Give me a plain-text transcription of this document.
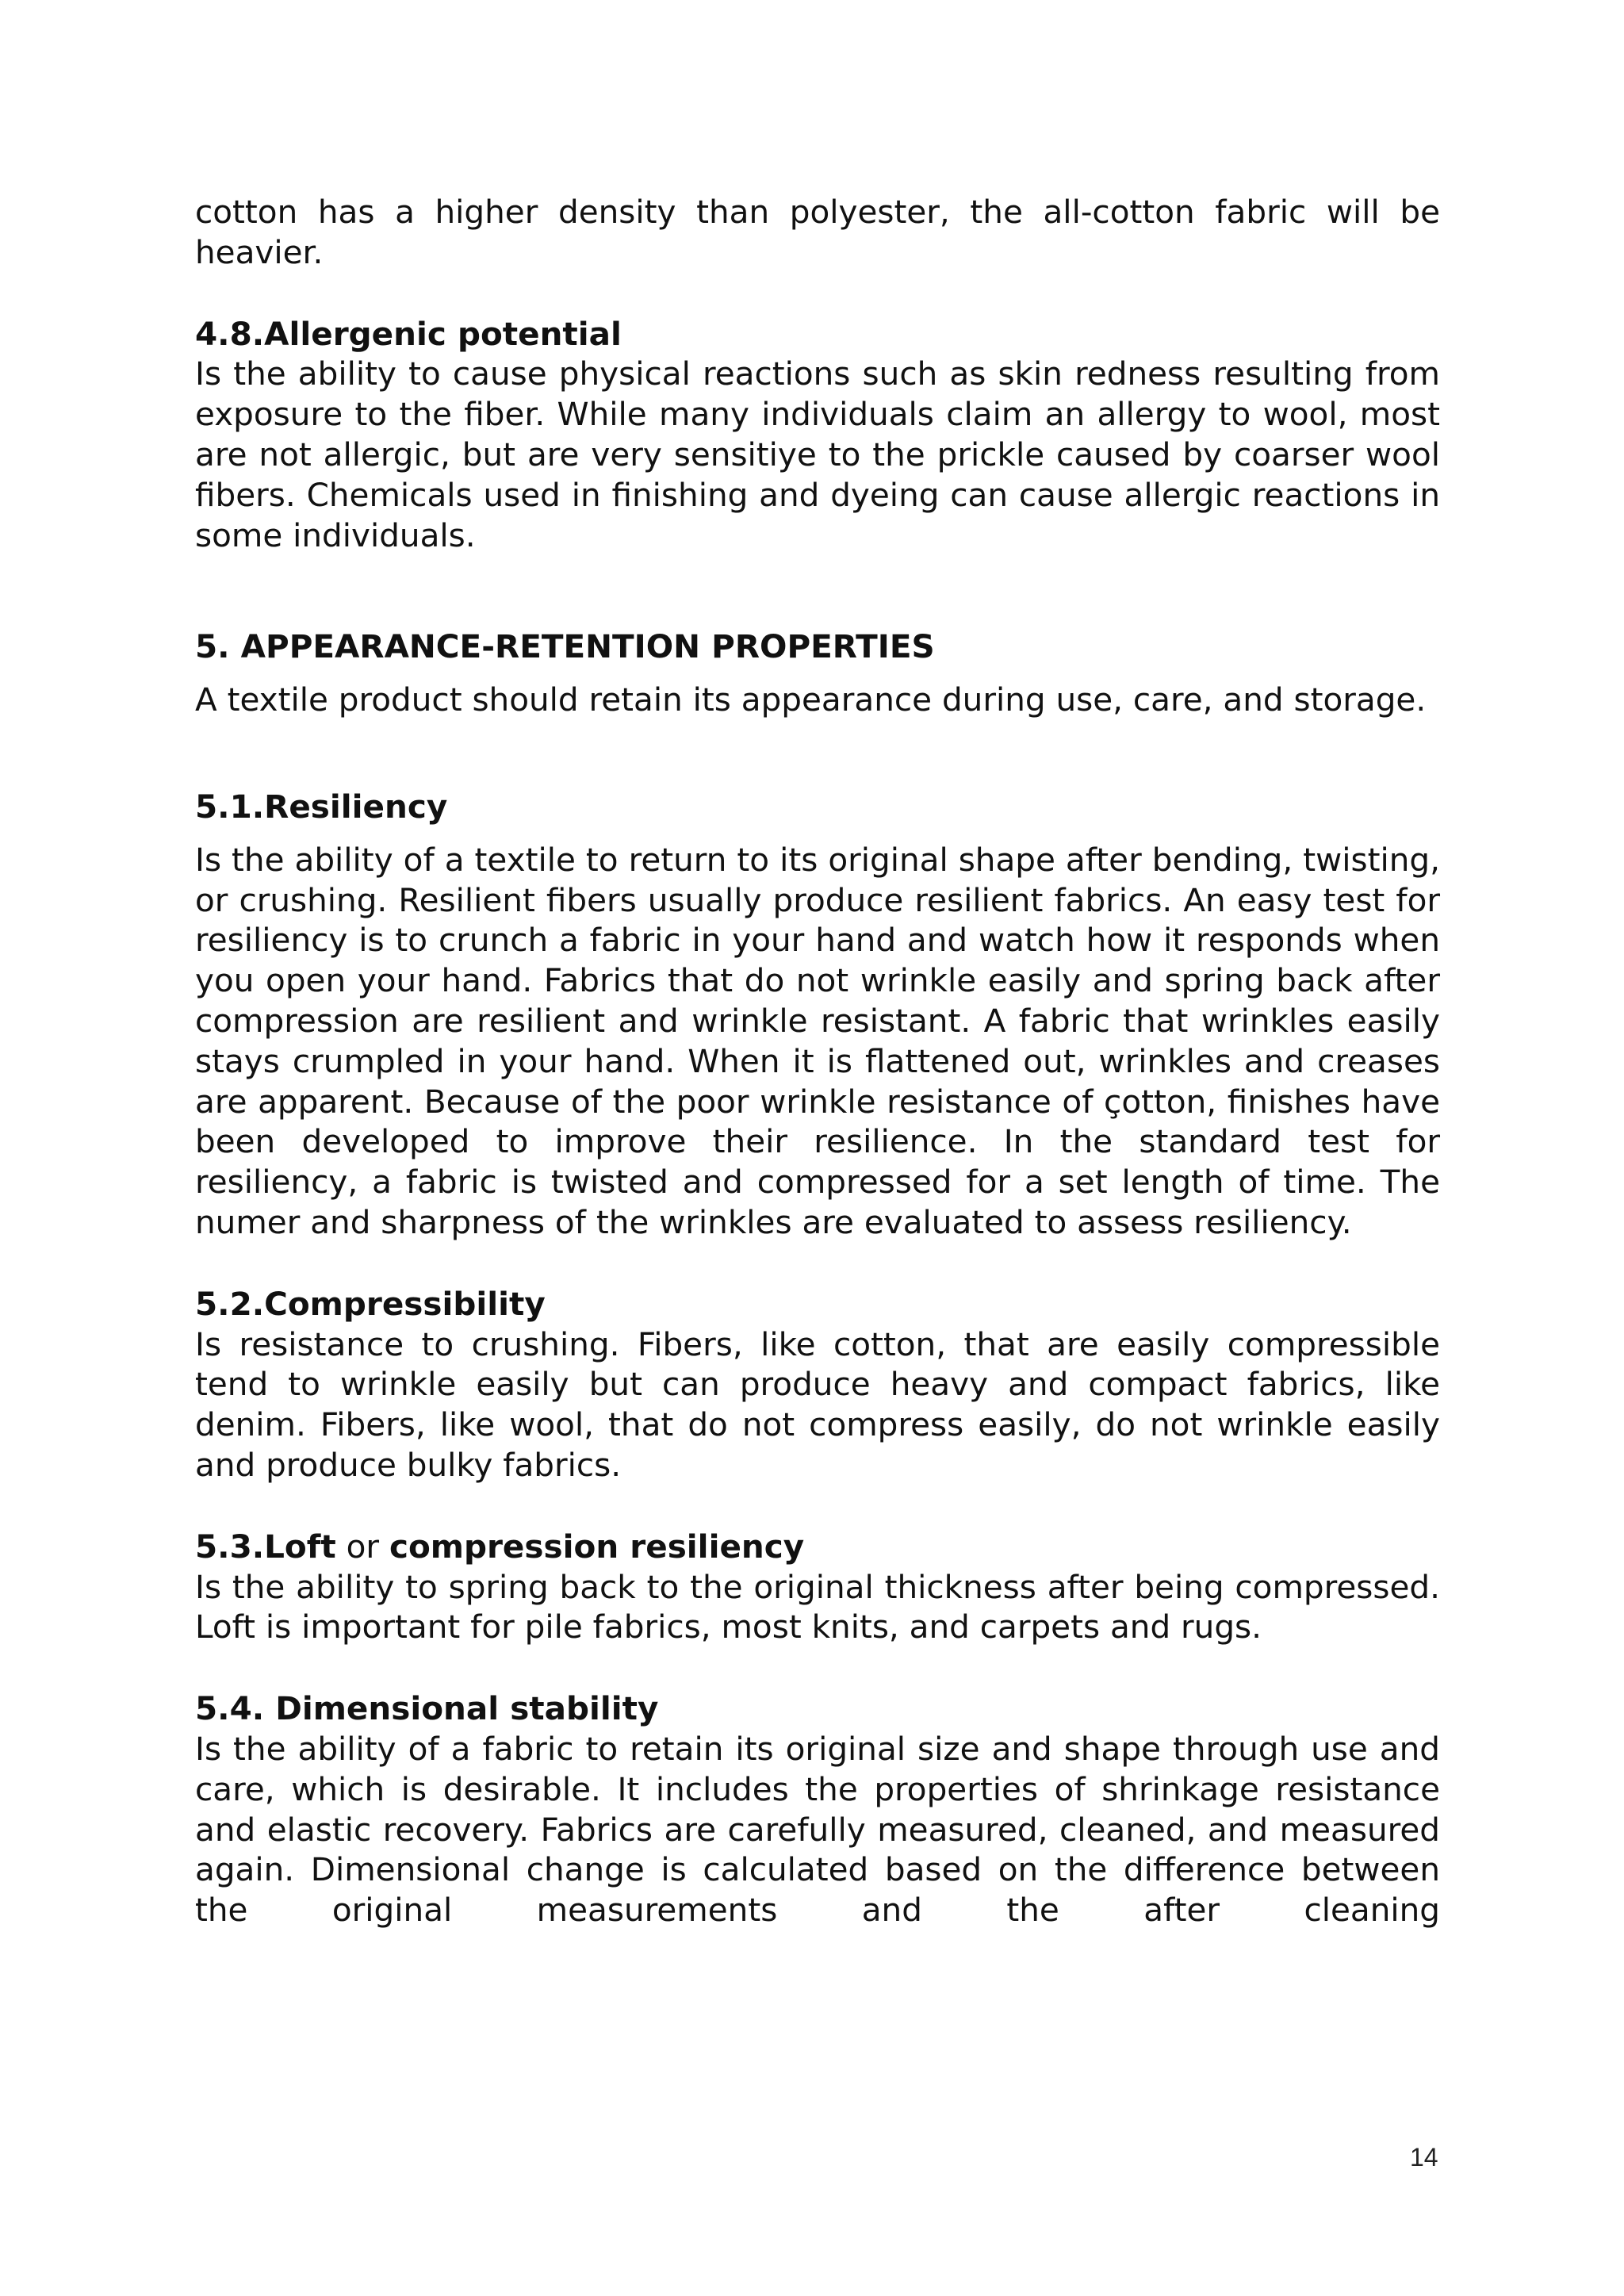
cotton has a higher density than polyester, the all-cotton fabric will be heavier.

4.8.Allergenic potential

Is the ability to cause physical reactions such as skin redness resulting from exposure to the fiber. While many individuals claim an allergy to wool, most are not allergic, but are very sensitiye to the prickle caused by coarser wool fibers. Chemicals used in finishing and dyeing can cause allergic reactions in some individuals.

5. APPEARANCE-RETENTION PROPERTIES

A textile product should retain its appearance during use, care, and storage.

5.1.Resiliency

Is the ability of a textile to return to its original shape after bending, twisting, or crushing. Resilient fibers usually produce resilient fabrics. An easy test for resiliency is to crunch a fabric in your hand and watch how it responds when you open your hand. Fabrics that do not wrinkle easily and spring back after compression are resilient and wrinkle resistant. A fabric that wrinkles easily stays crumpled in your hand. When it is flattened out, wrinkles and creases are apparent. Because of the poor wrinkle resistance of çotton, finishes have been developed to improve their resilience. In the standard test for resiliency, a fabric is twisted and compressed for a set length of time. The numer and sharpness of the wrinkles are evaluated to assess resiliency.

5.2.Compressibility

Is resistance to crushing. Fibers, like cotton, that are easily compressible tend to wrinkle easily but can produce heavy and compact fabrics, like denim. Fibers, like wool, that do not compress easily, do not wrinkle easily and produce bulky fabrics.

5.3.Loft or compression resiliency

Is the ability to spring back to the original thickness after being compressed. Loft is important for pile fabrics, most knits, and carpets and rugs.

5.4. Dimensional stability

Is the ability of a fabric to retain its original size and shape through use and care, which is desirable. It includes the properties of shrinkage resistance and elastic recovery. Fabrics are carefully measured, cleaned, and measured again. Dimensional change is calculated based on the difference between the original measurements and the after cleaning

14
